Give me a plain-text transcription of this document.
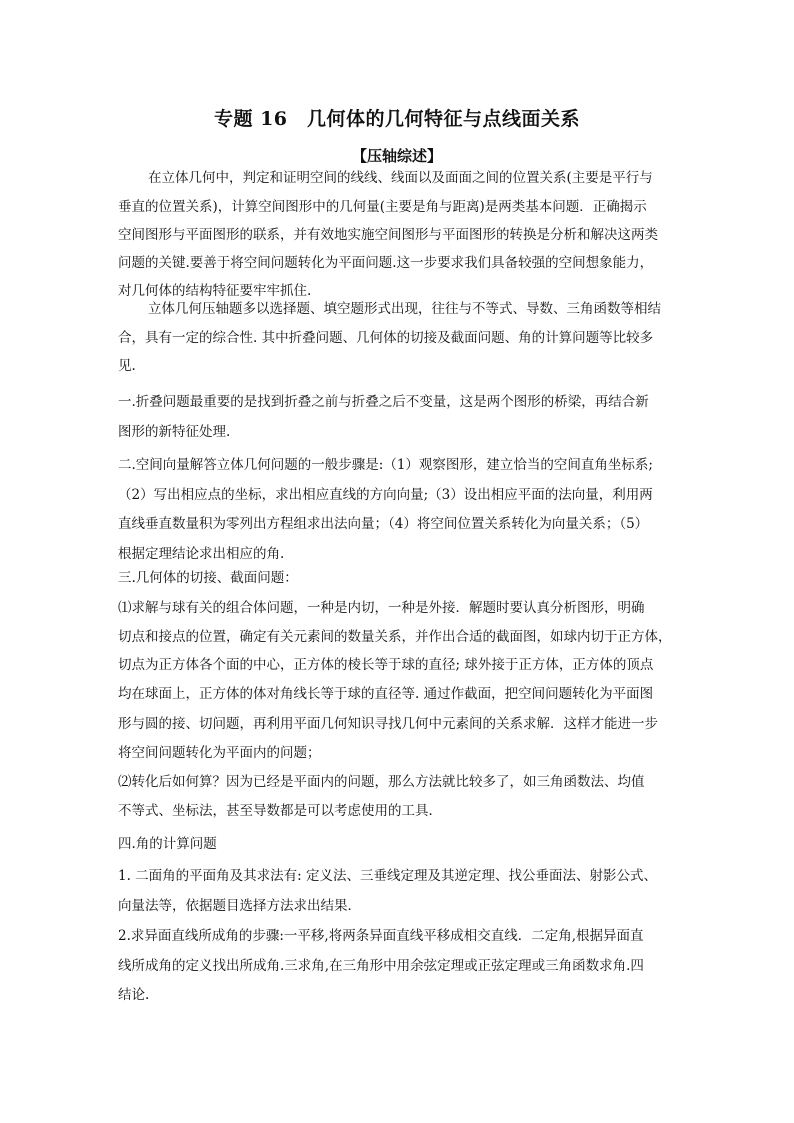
专题 16　几何体的几何特征与点线面关系
【压轴综述】
在立体几何中，判定和证明空间的线线、线面以及面面之间的位置关系(主要是平行与
垂直的位置关系)，计算空间图形中的几何量(主要是角与距离)是两类基本问题．正确揭示
空间图形与平面图形的联系，并有效地实施空间图形与平面图形的转换是分析和解决这两类
问题的关键.要善于将空间问题转化为平面问题.这一步要求我们具备较强的空间想象能力，
对几何体的结构特征要牢牢抓住.
立体几何压轴题多以选择题、填空题形式出现，往往与不等式、导数、三角函数等相结
合，具有一定的综合性. 其中折叠问题、几何体的切接及截面问题、角的计算问题等比较多
见.
一.折叠问题最重要的是找到折叠之前与折叠之后不变量，这是两个图形的桥梁，再结合新
图形的新特征处理.
二.空间向量解答立体几何问题的一般步骤是:（1）观察图形，建立恰当的空间直角坐标系;
（2）写出相应点的坐标，求出相应直线的方向向量;（3）设出相应平面的法向量，利用两
直线垂直数量积为零列出方程组求出法向量；（4）将空间位置关系转化为向量关系；（5）
根据定理结论求出相应的角.
三.几何体的切接、截面问题：
⑴求解与球有关的组合体问题，一种是内切，一种是外接．解题时要认真分析图形，明确
切点和接点的位置，确定有关元素间的数量关系，并作出合适的截面图，如球内切于正方体，
切点为正方体各个面的中心，正方体的棱长等于球的直径; 球外接于正方体，正方体的顶点
均在球面上，正方体的体对角线长等于球的直径等. 通过作截面，把空间问题转化为平面图
形与圆的接、切问题，再利用平面几何知识寻找几何中元素间的关系求解．这样才能进一步
将空间问题转化为平面内的问题；
⑵转化后如何算？因为已经是平面内的问题，那么方法就比较多了，如三角函数法、均值
不等式、坐标法，甚至导数都是可以考虑使用的工具．
四.角的计算问题
1. 二面角的平面角及其求法有: 定义法、三垂线定理及其逆定理、找公垂面法、射影公式、
向量法等，依据题目选择方法求出结果．
2.求异面直线所成角的步骤:一平移,将两条异面直线平移成相交直线．二定角,根据异面直
线所成角的定义找出所成角.三求角,在三角形中用余弦定理或正弦定理或三角函数求角.四
结论.
